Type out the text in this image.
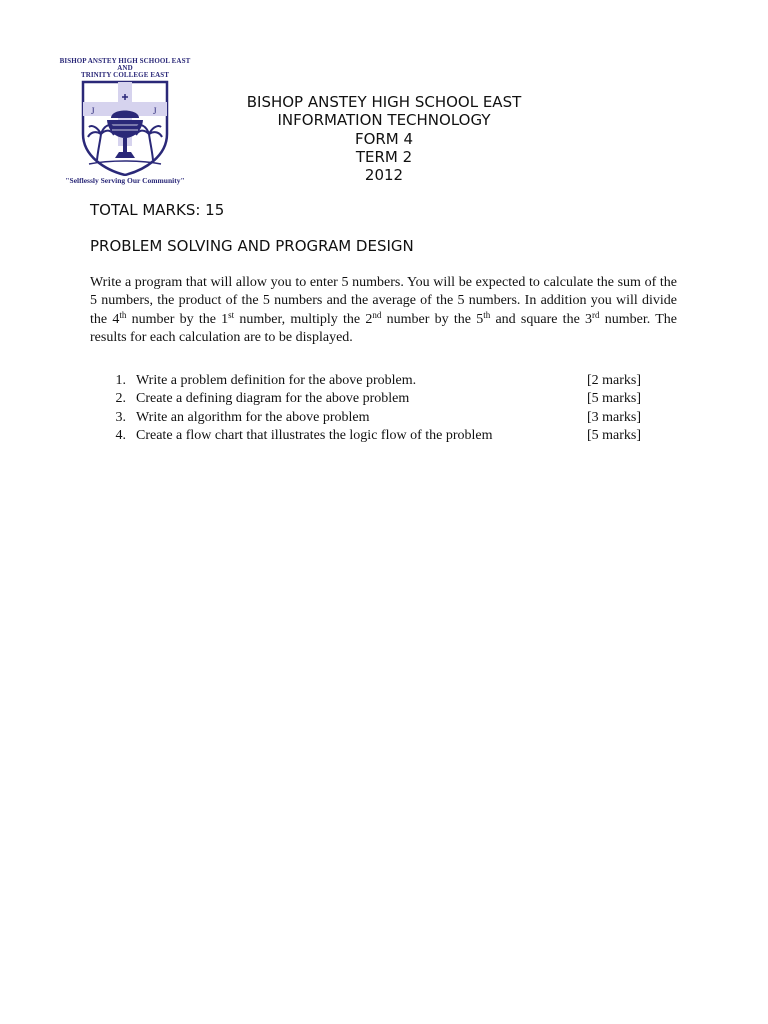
BISHOP ANSTEY HIGH SCHOOL EAST
AND
TRINITY COLLEGE EAST
J	J
"Selflessly Serving Our Community"
BISHOP ANSTEY HIGH SCHOOL EAST
INFORMATION TECHNOLOGY
FORM 4
TERM 2
2012
TOTAL MARKS: 15
PROBLEM SOLVING AND PROGRAM DESIGN
Write a program that will allow you to enter 5 numbers. You will be expected to calculate the sum of the 5 numbers, the product of the 5 numbers and the average of the 5 numbers. In addition you will divide the 4th number by the 1st number, multiply the 2nd number by the 5th and square the 3rd number. The results for each calculation are to be displayed.
1. Write a problem definition for the above problem.	[2 marks]
2. Create a defining diagram for the above problem	[5 marks]
3. Write an algorithm for the above problem	[3 marks]
4. Create a flow chart that illustrates the logic flow of the problem	[5 marks]
